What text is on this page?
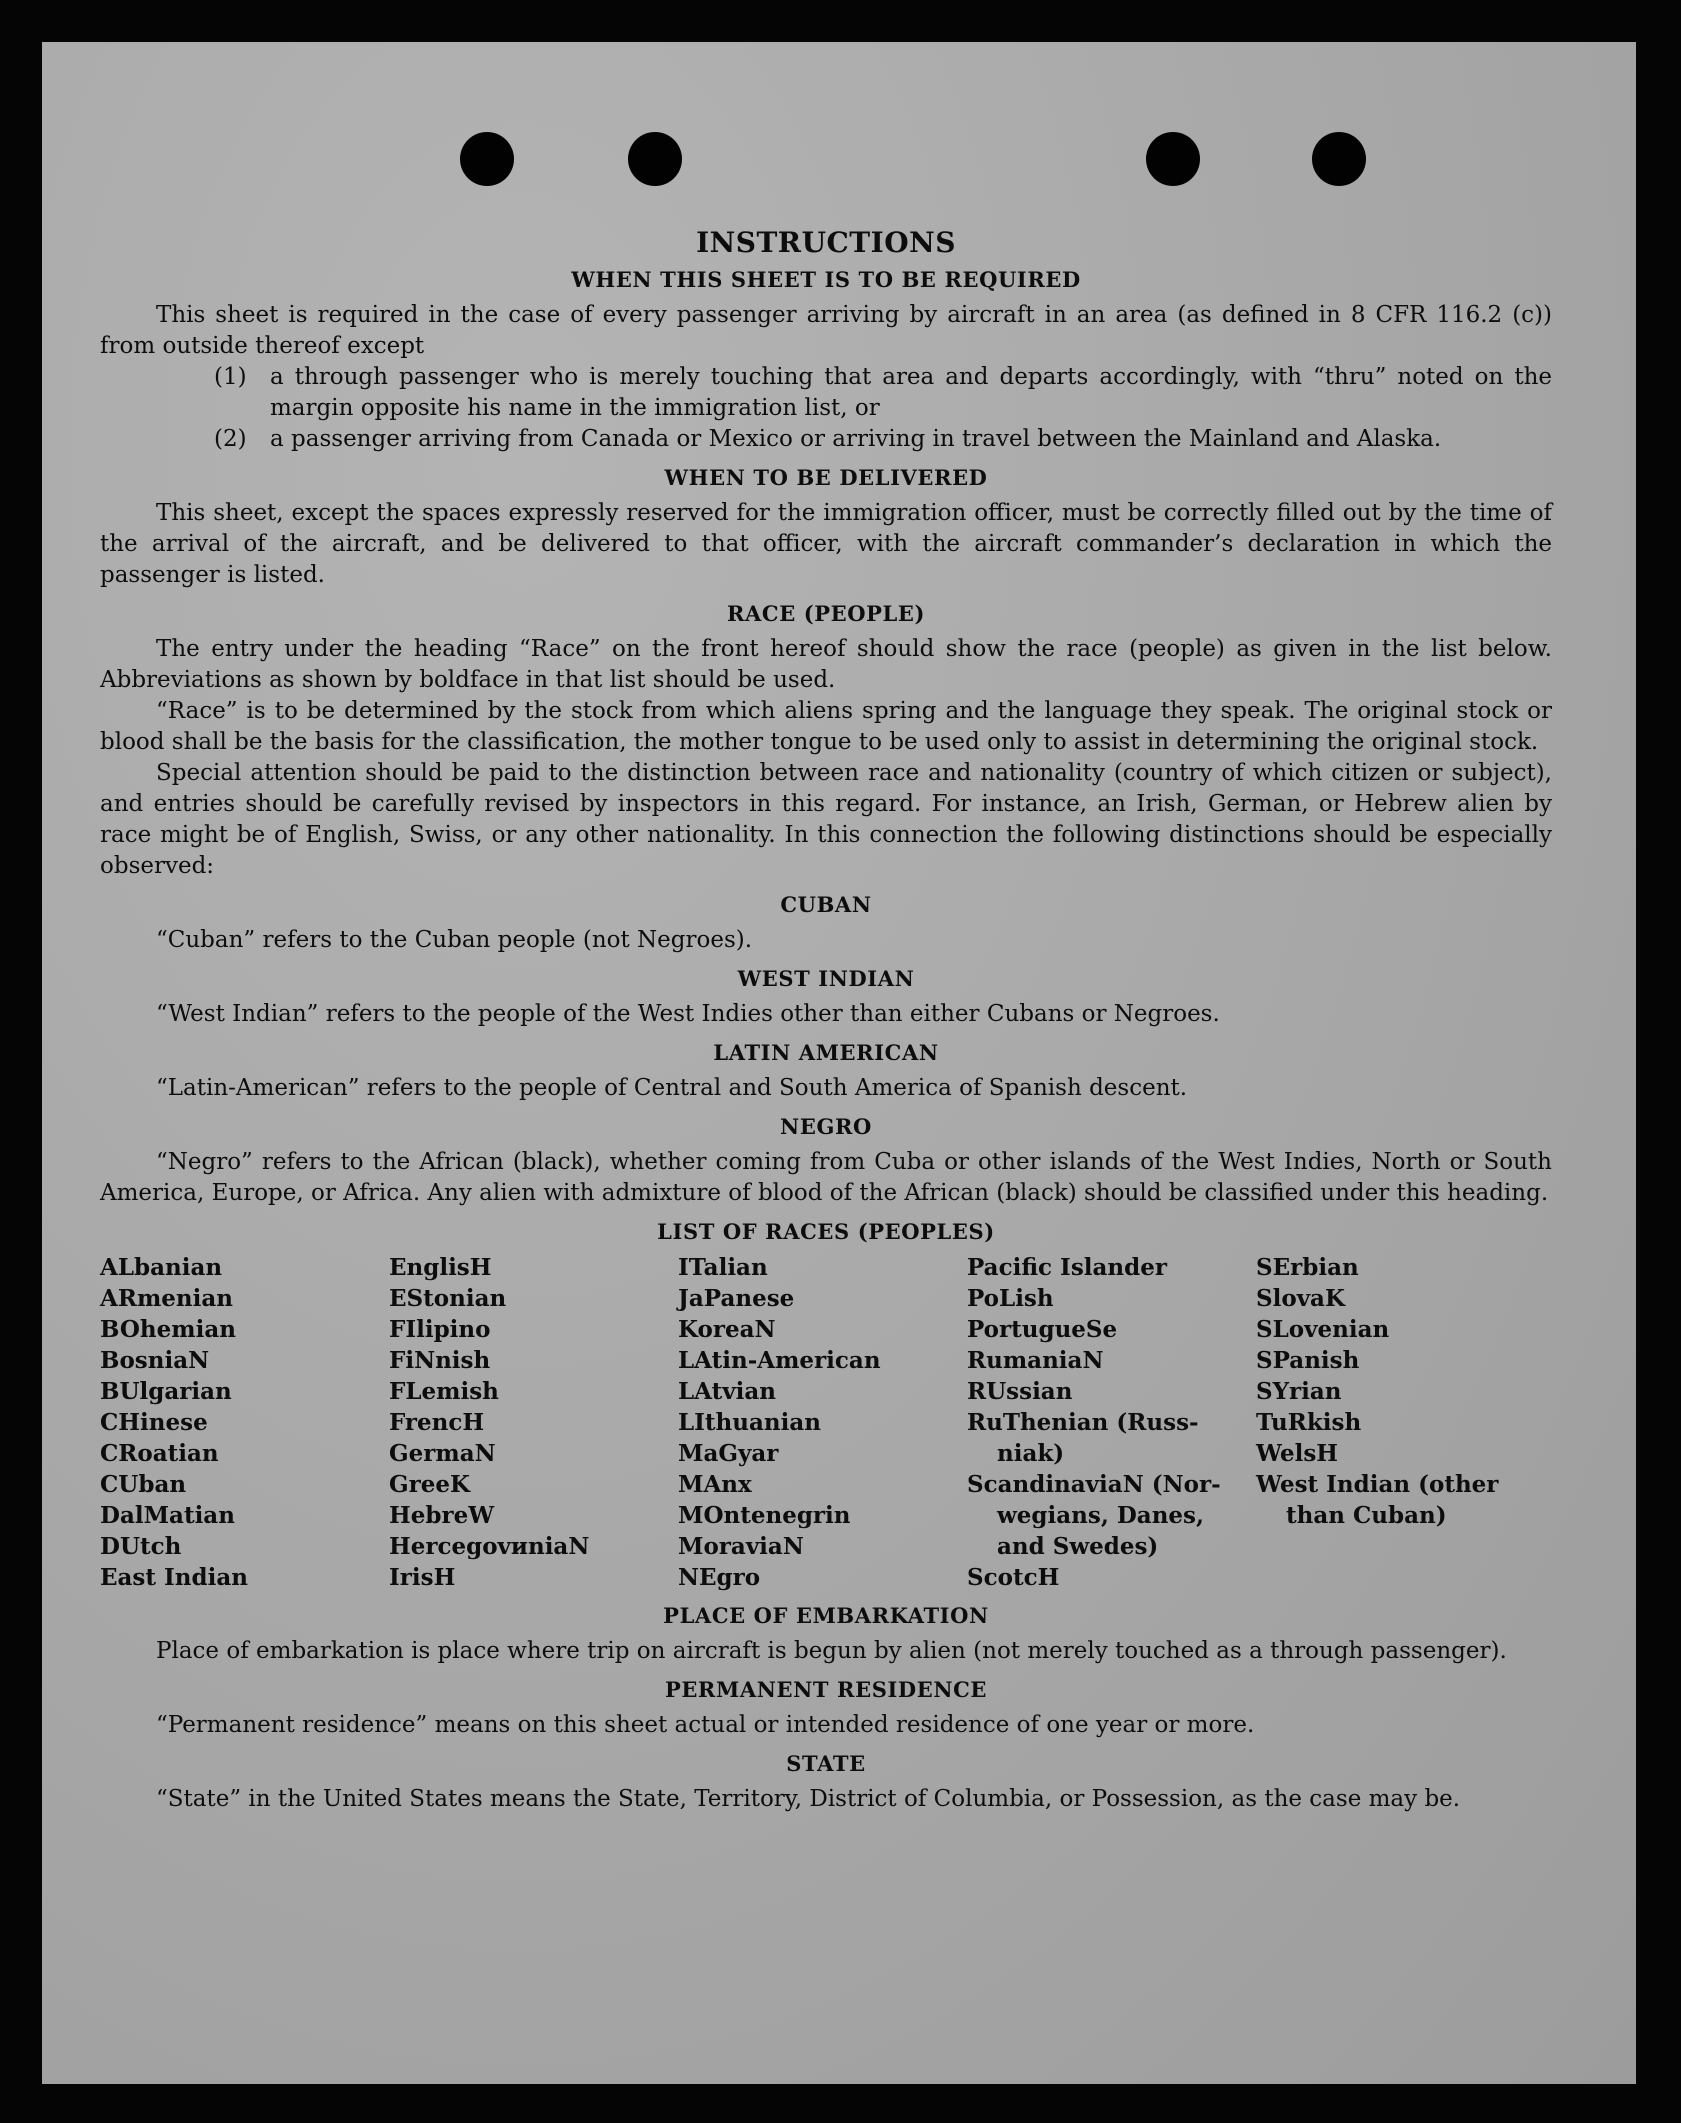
INSTRUCTIONS
WHEN THIS SHEET IS TO BE REQUIRED

This sheet is required in the case of every passenger arriving by aircraft in an area (as defined in 8 CFR 116.2 (c)) from outside thereof except

(1)	a through passenger who is merely touching that area and departs accordingly, with “thru” noted on the margin opposite his name in the immigration list, or
(2)	a passenger arriving from Canada or Mexico or arriving in travel between the Mainland and Alaska.
WHEN TO BE DELIVERED

This sheet, except the spaces expressly reserved for the immigration officer, must be correctly filled out by the time of the arrival of the aircraft, and be delivered to that officer, with the aircraft commander’s declaration in which the passenger is listed.

RACE (PEOPLE)

The entry under the heading “Race” on the front hereof should show the race (people) as given in the list below. Abbreviations as shown by boldface in that list should be used.

“Race” is to be determined by the stock from which aliens spring and the language they speak. The original stock or blood shall be the basis for the classification, the mother tongue to be used only to assist in determining the original stock.

Special attention should be paid to the distinction between race and nationality (country of which citizen or subject), and entries should be carefully revised by inspectors in this regard. For instance, an Irish, German, or Hebrew alien by race might be of English, Swiss, or any other nationality. In this connection the following distinctions should be especially observed:

CUBAN

“Cuban” refers to the Cuban people (not Negroes).

WEST INDIAN

“West Indian” refers to the people of the West Indies other than either Cubans or Negroes.

LATIN AMERICAN

“Latin-American” refers to the people of Central and South America of Spanish descent.

NEGRO

“Negro” refers to the African (black), whether coming from Cuba or other islands of the West Indies, North or South America, Europe, or Africa. Any alien with admixture of blood of the African (black) should be classified under this heading.

LIST OF RACES (PEOPLES)
ALbanian
ARmenian
BOhemian
BosniaN
BUlgarian
CHinese
CRoatian
CUban
DalMatian
DUtch
East Indian
EnglisH
EStonian
FIlipino
FiNnish
FLemish
FrencH
GermaN
GreeK
HebreW
HercegovиniaN
IrisH
ITalian
JaPanese
KoreaN
LAtin-American
LAtvian
LIthuanian
MaGyar
MAnx
MOntenegrin
MoraviaN
NEgro
Pacific Islander
PoLish
PortugueSe
RumaniaN
RUssian
RuThenian (Russ-
niak)
ScandinaviaN (Nor-
wegians, Danes,
and Swedes)
ScotcH
SErbian
SlovaK
SLovenian
SPanish
SYrian
TuRkish
WelsH
West Indian (other
than Cuban)
PLACE OF EMBARKATION

Place of embarkation is place where trip on aircraft is begun by alien (not merely touched as a through passenger).

PERMANENT RESIDENCE

“Permanent residence” means on this sheet actual or intended residence of one year or more.

STATE

“State” in the United States means the State, Territory, District of Columbia, or Possession, as the case may be.
